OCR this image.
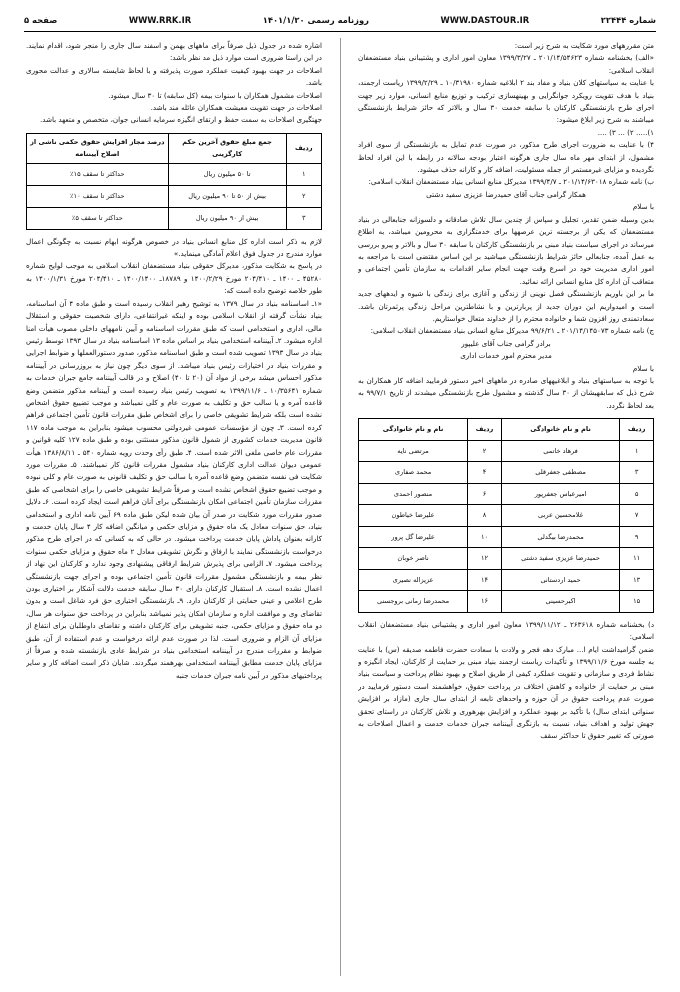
شماره ۲۲۴۴۴
WWW.DASTOUR.IR
روزنامه رسمی ۱۴۰۱/۱/۲۰
WWW.RRK.IR
صفحه ۵

متن مقررههای مورد شکایت به شرح زیر است:

«الف) بخشنامه شماره ۲۰۱/۱۴/۵۴۶۲۳ ـ ۱۳۹۹/۳/۲۷ معاون امور اداری و پشتیبانی بنیاد مستضعفان انقلاب اسلامی:

با عنایت به سیاستهای کلان بنیاد و مفاد بند ۲ ابلاغیه شماره ۱۰/۳۱۹۸۰ ـ ۱۳۹۹/۲/۲۹ ریاست ارجمند، بنیاد با هدف تقویت رویکرد جوانگرایی و بهینهسازی ترکیب و توزیع منابع انسانی، موارد زیر جهت اجرای طرح بازنشستگی کارکنان با سابقه خدمت ۳۰ سال و بالاتر که حائز شرایط بازنشستگی میباشند به شرح زیر ابلاغ میشود:

۱)..... ۲) ... ۳) ....

۴) با عنایت به ضرورت اجرای طرح مذکور، در صورت عدم تمایل به بازنشستگی از سوی افراد مشمول، از ابتدای مهر ماه سال جاری هرگونه اعتبار بودجه سالانه در رابطه با این افراد لحاظ نگردیده و مزایای غیرمستمر از جمله مسئولیت، اضافه کار و کارانه حذف میشود.

ب) نامه شماره ۲۰۱/۱۴/۶۳۰۱۸ ـ ۱۳۹۹/۴/۷ مدیرکل منابع انسانی بنیاد مستضعفان انقلاب اسلامی:

همکار گرامی جناب آقای حمیدرضا عزیزی سفید دشتی

با سلام

بدین وسیله ضمن تقدیر، تجلیل و سپاس از چندین سال تلاش صادقانه و دلسوزانه جنابعالی در بنیاد مستضعفان که یکی از برجسته ترین عرصهها برای خدمتگزاری به محرومین میباشد، به اطلاع میرساند در اجرای سیاست بنیاد مبنی بر بازنشستگی کارکنان با سابقه ۳۰ سال و بالاتر و پیرو بررسی به عمل آمده، جنابعالی حائز شرایط بازنشستگی میباشید بر این اساس مقتضی است با مراجعه به امور اداری مدیریت خود در اسرع وقت جهت انجام سایر اقدامات به سازمان تأمین اجتماعی و متعاقب آن اداره کل منابع انسانی ارائه نمائید.

ما بر این باوریم بازنشستگی فصل نوینی از زندگی و آغازی برای زندگی با شیوه و ایدههای جدید است و امیدواریم این دوران جدید از پربارترین و با نشاطترین مراحل زندگی پرثمرتان باشد. سعادتمندی روز افزون شما و خانواده محترم را از خداوند متعال خواستاریم.

ج) نامه شماره ۲۰۱/۱۴/۱۴۵۰۷۳ ـ ۹۹/۶/۲۱ مدیرکل منابع انسانی بنیاد مستضعفان انقلاب اسلامی:

برادر گرامی جناب آقای علیپور

مدیر محترم امور خدمات اداری

با سلام

با توجه به سیاستهای بنیاد و ابلاغیههای صادره در ماههای اخیر دستور فرمایید اضافه کار همکاران به شرح ذیل که سابقهیشان از ۳۰ سال گذشته و مشمول طرح بازنشستگی میشدند از تاریخ ۹۹/۷/۱ به بعد لحاظ نگردد.

ردیف	نام و نام خانوادگی	ردیف	نام و نام خانوادگی
۱	فرهاد خاتمی	۲	مرتضی نایه
۳	مصطفی جعفرقلی	۴	محمد صفاری
۵	امیرعباس جعفرپور	۶	منصور احمدی
۷	غلامحسین عربی	۸	علیرضا خیاطون
۹	محمدرضا بیگدلی	۱۰	علیرضا گل پرور
۱۱	حمیدرضا عزیزی سفید دشتی	۱۲	ناصر خوبان
۱۳	حمید اردستانی	۱۴	عزیزاله نصیری
۱۵	اکبرحسینی	۱۶	محمدرضا زمانی بروجسنی

د) بخشنامه شماره ۲۶۳۶۱۸ ـ ۱۳۹۹/۱۱/۱۲ معاون امور اداری و پشتیبانی بنیاد مستضعفان انقلاب اسلامی:

ضمن گرامیداشت ایام ا... مبارک دهه فجر و ولادت با سعادت حضرت فاطمه صدیقه (س) با عنایت به جلسه مورخ ۱۳۹۹/۱۱/۶ و تأکیدات ریاست ارجمند بنیاد مبنی بر حمایت از کارکنان، ایجاد انگیزه و نشاط فردی و سازمانی و تقویت عملکرد کیفی از طریق اصلاح و بهبود نظام پرداخت و سیاست بنیاد مبنی بر حمایت از خانواده و کاهش اختلاف در پرداخت حقوق، خواهشمند است دستور فرمایید در صورت عدم پرداخت حقوق در آن حوزه و واحدهای تابعه از ابتدای سال جاری (مازاد بر افزایش سنواتی ابتدای سال) با تأکید بر بهبود عملکرد و افزایش بهرهوری و تلاش کارکنان در راستای تحقق جهش تولید و اهداف بنیاد، نسبت به بازنگری آییننامه جبران خدمات خدمت و اعمال اصلاحات به صورتی که تغییر حقوق تا حداکثر سقف

اشاره شده در جدول ذیل صرفاً برای ماههای بهمن و اسفند سال جاری را منجر شود، اقدام نمایند. در این راستا ضروری است موارد ذیل مد نظر باشد:

اصلاحات در جهت بهبود کیفیت عملکرد صورت پذیرفته و با لحاظ شایسته سالاری و عدالت محوری باشد.

اصلاحات مشمول همکاران با سنوات بیمه (کل سابقه) تا ۳۰ سال میشود.

اصلاحات در جهت تقویت معیشت همکاران عائله مند باشد.

جهتگیری اصلاحات به سمت حفظ و ارتقای انگیزه سرمایه انسانی جوان، متخصص و متعهد باشد.

ردیف	جمع مبلغ حقوق آخرین حکم کارگزینی	درصد مجاز افزایش حقوق حکمی ناشی از اصلاح آییننامه
۱	تا ۵۰ میلیون ریال	حداکثر تا سقف ۱۵٪
۲	بیش از ۵۰ تا ۹۰ میلیون ریال	حداکثر تا سقف ۱۰٪
۳	بیش از ۹۰ میلیون ریال	حداکثر تا سقف ۵٪

لازم به ذکر است اداره کل منابع انسانی بنیاد در خصوص هرگونه ابهام نسبت به چگونگی اعمال موارد مندرج در جدول فوق اعلام آمادگی مینماید.»

در پاسخ به شکایت مذکور، مدیرکل حقوقی بنیاد مستضعفان انقلاب اسلامی به موجب لوایح شماره ۴۵۲۸۰ ـ ۱۴۰۰ ـ ۲۰۴/۴۱۰ مورخ ۱۴۰۰/۲/۲۹ و ۱۸۷۸۹ـ ۱۴۰۰/۱۴۰۰ ـ ۲۰۴/۴۱۰ مورخ ۱۴۰۰/۱/۳۱ به طور خلاصه توضیح داده است که:

«۱ـ اساسنامه بنیاد در سال ۱۳۷۹ به توشیح رهبر انقلاب رسیده است و طبق ماده ۴ آن اساسنامه، بنیاد نشأت گرفته از انقلاب اسلامی بوده و اینکه غیرانتفاعی، دارای شخصیت حقوقی و استقلال مالی، اداری و استخدامی است که طبق مقررات اساسنامه و آیین نامههای داخلی مصوب هیأت امنا اداره میشود. ۲ـ آییننامه استخدامی بنیاد بر اساس ماده ۱۳ اساسنامه بنیاد در سال ۱۳۹۳ توسط رئیس بنیاد در سال ۱۳۹۳ تصویب شده است و طبق اساسنامه مذکور، صدور دستورالعملها و ضوابط اجرایی و مقررات بنیاد در اختیارات رئیس بنیاد میباشد. از سوی دیگر چون نیاز به بروزرسانی در آییننامه مذکور احساس میشد برخی از مواد آن (۲۰ تا ۴۰) اصلاح و در قالب آییننامه جامع جبران خدمات به شماره ۱۰/۳۵۶۴۱ ـ ۱۳۹۹/۱۱/۶ به تصویب رئیس بنیاد رسیده است و آییننامه مذکور متضمن وضع قاعده آمره و یا سالب حق و تکلیف به صورت عام و کلی نمیباشد و موجب تضییع حقوق اشخاص نشده است بلکه شرایط تشویقی خاصی را برای اشخاص طبق مقررات قانون تأمین اجتماعی فراهم کرده است. ۳ـ چون از مؤسسات عمومی غیردولتی محسوب میشود بنابراین به موجب ماده ۱۱۷ قانون مدیریت خدمات کشوری از شمول قانون مذکور مستثنی بوده و طبق ماده ۱۲۷ کلیه قوانین و مقررات عام خاصی ملغی الاثر شده است. ۴ـ طبق رأی وحدت رویه شماره ۵۴۰ ـ ۱۳۸۶/۸/۱۱ هیأت عمومی دیوان عدالت اداری کارکنان بنیاد مشمول مقررات قانون کار نمیباشند. ۵ـ مقررات مورد شکایت فی نفسه متضمن وضع قاعده آمره یا سالب حق و تکلیف قانونی به صورت عام و کلی نبوده و موجب تضییع حقوق اشخاص نشده است و صرفاً شرایط تشویقی خاصی را برای اشخاصی که طبق مقررات سازمان تأمین اجتماعی امکان بازنشستگی برای آنان فراهم است ایجاد کرده است. ۶ـ دلایل صدور مقررات مورد شکایت در صدر آن بیان شده لیکن طبق ماده ۶۹ آیین نامه اداری و استخدامی بنیاد، حق سنوات معادل یک ماه حقوق و مزایای حکمی و میانگین اضافه کار ۴ سال پایان خدمت و کارانه بعنوان پاداش پایان خدمت پرداخت میشود. در حالی که به کسانی که در اجرای طرح مذکور درخواست بازنشستگی نمایند با ارفاق و نگرش تشویقی معادل ۲ ماه حقوق و مزایای حکمی سنوات پرداخت میشود. ۷ـ الزامی برای پذیرش شرایط ارفاقی پیشنهادی وجود ندارد و کارکنان این نهاد از نظر بیمه و بازنشستگی مشمول مقررات قانون تأمین اجتماعی بوده و اجرای جهت بازنشستگی اعمال نشده است. ۸ـ استقبال کارکنان دارای ۳۰ سال سابقه خدمت دلالت آشکار بر اختیاری بودن طرح اعلامی و عینی حمایتی از کارکنان دارد. ۹ـ بازنشستگی اختیاری حق فرد شاغل است و بدون تقاضای وی و موافقت اداره و سازمان امکان پذیر نمیباشد بنابراین در پرداخت حق سنوات هر سال، دو ماه حقوق و مزایای حکمی، جنبه تشویقی برای کارکنان داشته و تقاضای داوطلبان برای انتفاع از مزایای آن الزام و ضروری است. لذا در صورت عدم ارائه درخواست و عدم استفاده از آن، طبق ضوابط و مقررات مندرج در آییننامه استخدامی بنیاد در شرایط عادی بازنشسته شده و صرفاً از مزایای پایان خدمت مطابق آییننامه استخدامی بهرهمند میگردند. شایان ذکر است اضافه کار و سایر پرداختیهای مذکور در آیین نامه جبران خدمات جنبه
